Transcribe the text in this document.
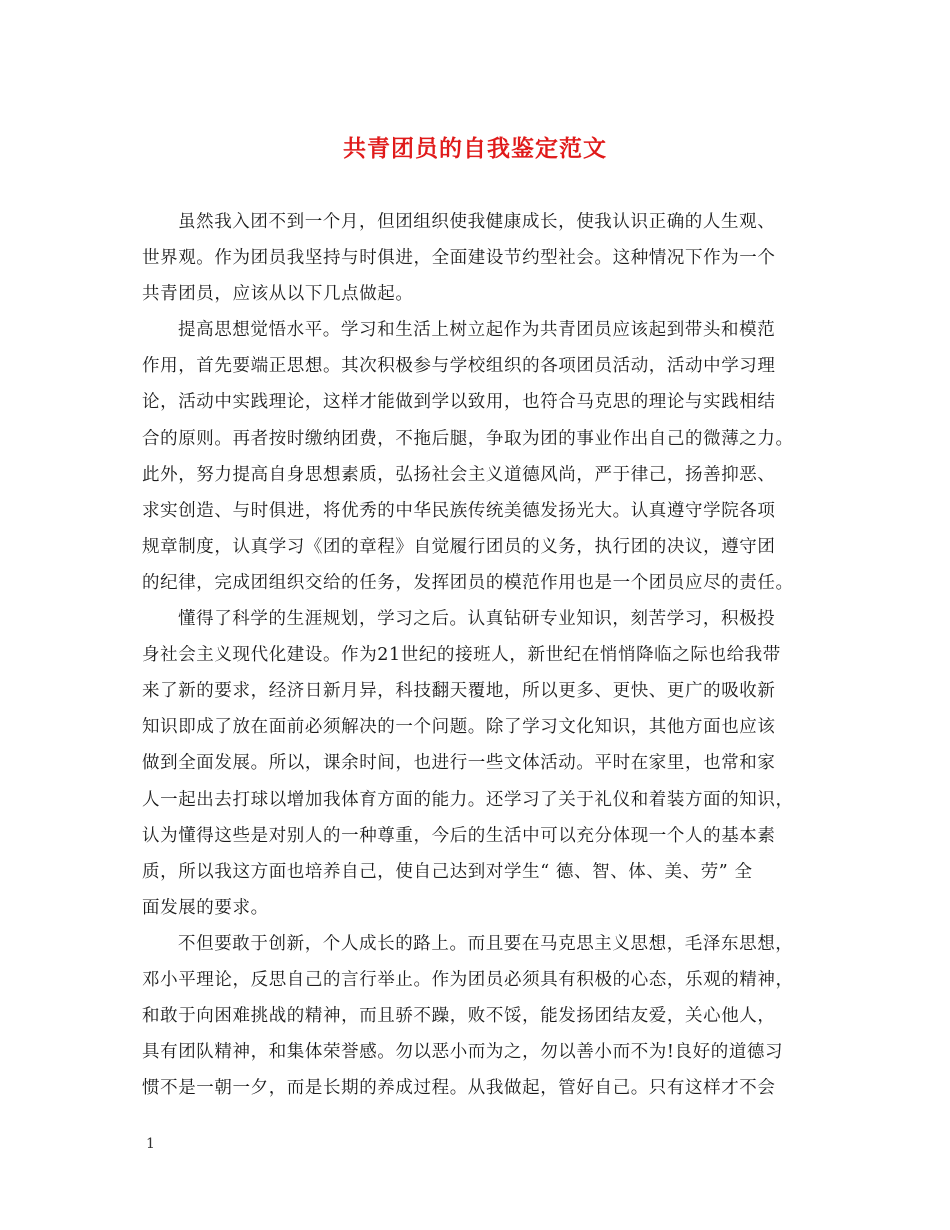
共青团员的自我鉴定范文
虽然我入团不到一个月，但团组织使我健康成长，使我认识正确的人生观、
世界观。作为团员我坚持与时俱进，全面建设节约型社会。这种情况下作为一个
共青团员，应该从以下几点做起。
提高思想觉悟水平。学习和生活上树立起作为共青团员应该起到带头和模范
作用，首先要端正思想。其次积极参与学校组织的各项团员活动，活动中学习理
论，活动中实践理论，这样才能做到学以致用，也符合马克思的理论与实践相结
合的原则。再者按时缴纳团费，不拖后腿，争取为团的事业作出自己的微薄之力。
此外，努力提高自身思想素质，弘扬社会主义道德风尚，严于律己，扬善抑恶、
求实创造、与时俱进，将优秀的中华民族传统美德发扬光大。认真遵守学院各项
规章制度，认真学习《团的章程》自觉履行团员的义务，执行团的决议，遵守团
的纪律，完成团组织交给的任务，发挥团员的模范作用也是一个团员应尽的责任。
懂得了科学的生涯规划，学习之后。认真钻研专业知识，刻苦学习，积极投
身社会主义现代化建设。作为21世纪的接班人，新世纪在悄悄降临之际也给我带
来了新的要求，经济日新月异，科技翻天覆地，所以更多、更快、更广的吸收新
知识即成了放在面前必须解决的一个问题。除了学习文化知识，其他方面也应该
做到全面发展。所以，课余时间，也进行一些文体活动。平时在家里，也常和家
人一起出去打球以增加我体育方面的能力。还学习了关于礼仪和着装方面的知识，
认为懂得这些是对别人的一种尊重，今后的生活中可以充分体现一个人的基本素
质，所以我这方面也培养自己，使自己达到对学生“ 德、智、体、美、劳” 全
面发展的要求。
不但要敢于创新，个人成长的路上。而且要在马克思主义思想，毛泽东思想，
邓小平理论，反思自己的言行举止。作为团员必须具有积极的心态，乐观的精神，
和敢于向困难挑战的精神，而且骄不躁，败不馁，能发扬团结友爱，关心他人，
具有团队精神，和集体荣誉感。勿以恶小而为之，勿以善小而不为!良好的道德习
惯不是一朝一夕，而是长期的养成过程。从我做起，管好自己。只有这样才不会
1
